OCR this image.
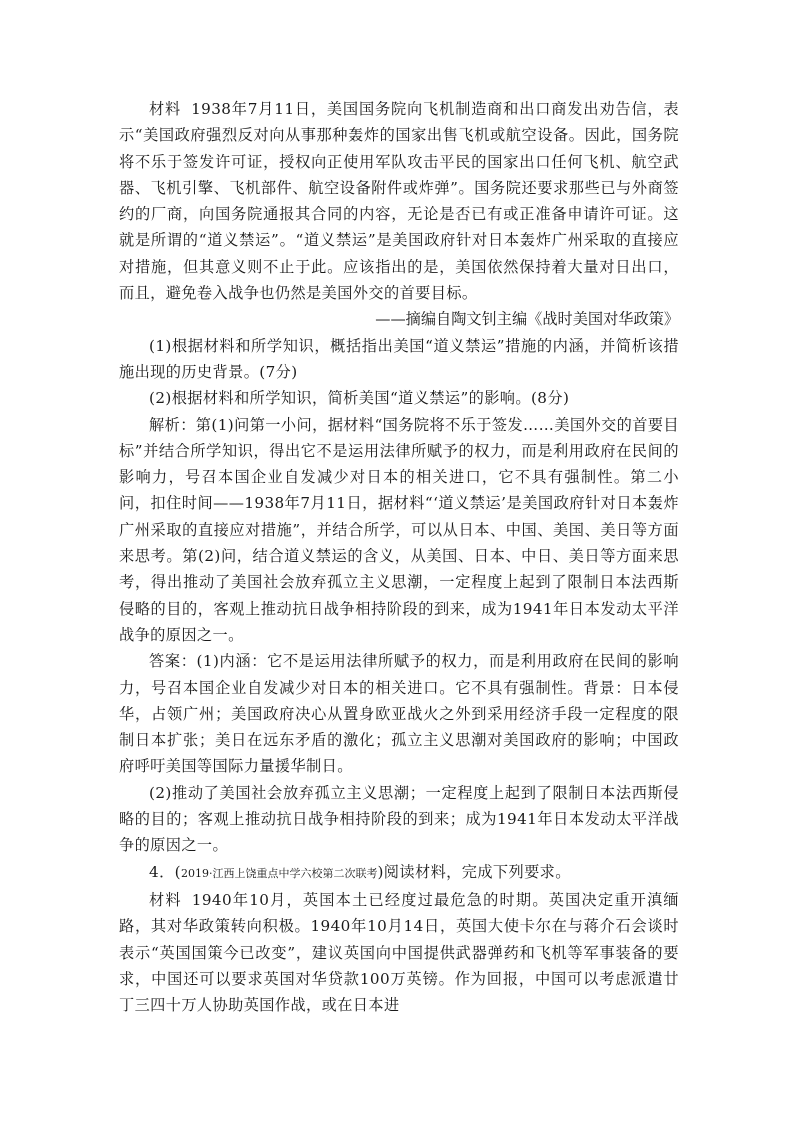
材料 1938年7月11日，美国国务院向飞机制造商和出口商发出劝告信，表示“美国政府强烈反对向从事那种轰炸的国家出售飞机或航空设备。因此，国务院将不乐于签发许可证，授权向正使用军队攻击平民的国家出口任何飞机、航空武器、飞机引擎、飞机部件、航空设备附件或炸弹”。国务院还要求那些已与外商签约的厂商，向国务院通报其合同的内容，无论是否已有或正准备申请许可证。这就是所谓的“道义禁运”。“道义禁运”是美国政府针对日本轰炸广州采取的直接应对措施，但其意义则不止于此。应该指出的是，美国依然保持着大量对日出口，而且，避免卷入战争也仍然是美国外交的首要目标。

——摘编自陶文钊主编《战时美国对华政策》

(1)根据材料和所学知识，概括指出美国“道义禁运”措施的内涵，并简析该措施出现的历史背景。(7分)

(2)根据材料和所学知识，简析美国“道义禁运”的影响。(8分)

解析：第(1)问第一小问，据材料“国务院将不乐于签发……美国外交的首要目标”并结合所学知识，得出它不是运用法律所赋予的权力，而是利用政府在民间的影响力，号召本国企业自发减少对日本的相关进口，它不具有强制性。第二小问，扣住时间——1938年7月11日，据材料“‘道义禁运’是美国政府针对日本轰炸广州采取的直接应对措施”，并结合所学，可以从日本、中国、美国、美日等方面来思考。第(2)问，结合道义禁运的含义，从美国、日本、中日、美日等方面来思考，得出推动了美国社会放弃孤立主义思潮，一定程度上起到了限制日本法西斯侵略的目的，客观上推动抗日战争相持阶段的到来，成为1941年日本发动太平洋战争的原因之一。

答案：(1)内涵：它不是运用法律所赋予的权力，而是利用政府在民间的影响力，号召本国企业自发减少对日本的相关进口。它不具有强制性。背景：日本侵华，占领广州；美国政府决心从置身欧亚战火之外到采用经济手段一定程度的限制日本扩张；美日在远东矛盾的激化；孤立主义思潮对美国政府的影响；中国政府呼吁美国等国际力量援华制日。

(2)推动了美国社会放弃孤立主义思潮；一定程度上起到了限制日本法西斯侵略的目的；客观上推动抗日战争相持阶段的到来；成为1941年日本发动太平洋战争的原因之一。

4．(2019·江西上饶重点中学六校第二次联考)阅读材料，完成下列要求。

材料 1940年10月，英国本土已经度过最危急的时期。英国决定重开滇缅路，其对华政策转向积极。1940年10月14日，英国大使卡尔在与蒋介石会谈时表示“英国国策今已改变”，建议英国向中国提供武器弹药和飞机等军事装备的要求，中国还可以要求英国对华贷款100万英镑。作为回报，中国可以考虑派遣廿丁三四十万人协助英国作战，或在日本进
